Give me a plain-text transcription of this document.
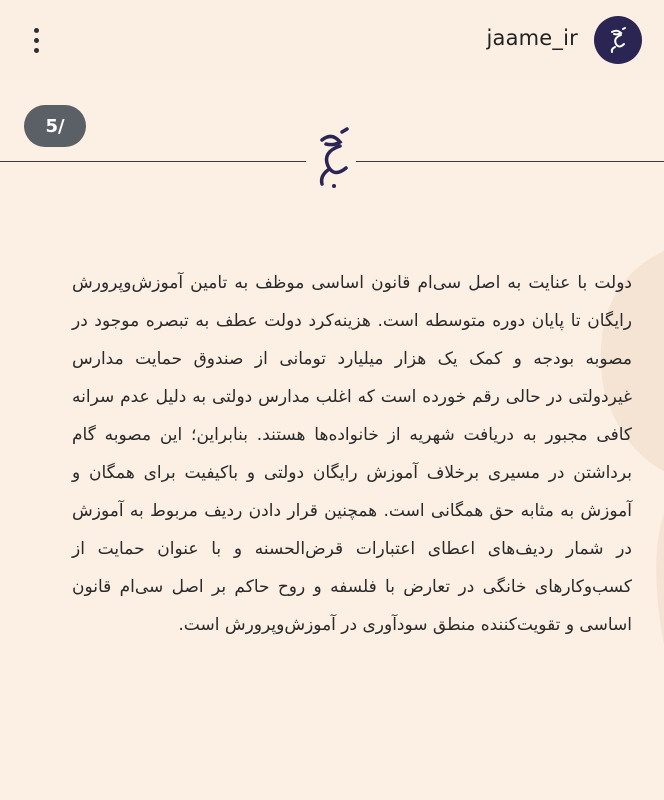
jaame_ir
5/
دولت با عنایت به اصل سی‌ام قانون اساسی موظف به تامین آموزش‌وپرورش رایگان تا پایان دوره متوسطه است. هزینه‌کرد دولت عطف به تبصره موجود در مصوبه بودجه و کمک یک هزار میلیارد تومانی از صندوق حمایت مدارس غیردولتی در حالی رقم خورده است که اغلب مدارس دولتی به دلیل عدم سرانه کافی مجبور به دریافت شهریه از خانواده‌ها هستند. بنابراین؛ این مصوبه گام برداشتن در مسیری برخلاف آموزش رایگان دولتی و باکیفیت برای همگان و آموزش به مثابه حق همگانی است. همچنین قرار دادن ردیف مربوط به آموزش در شمار ردیف‌های اعطای اعتبارات قرض‌الحسنه و با عنوان حمایت از کسب‌وکارهای خانگی در تعارض با فلسفه و روح حاکم بر اصل سی‌ام قانون اساسی و تقویت‌کننده منطق سودآوری در آموزش‌وپرورش است.
